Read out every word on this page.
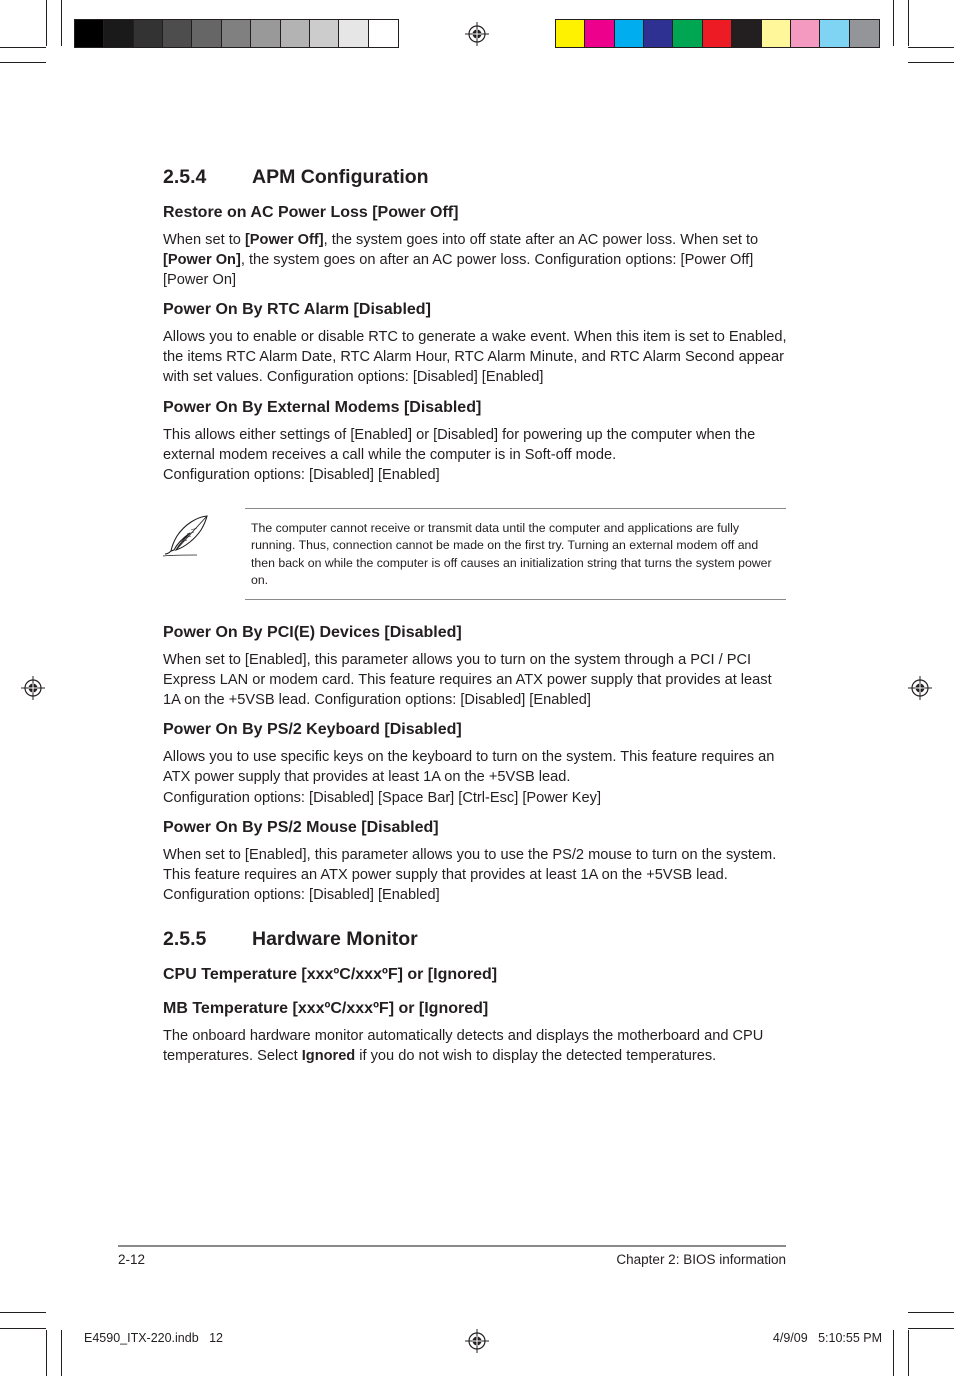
2.5.4 APM Configuration
Restore on AC Power Loss [Power Off]

When set to [Power Off], the system goes into off state after an AC power loss. When set to [Power On], the system goes on after an AC power loss. Configuration options: [Power Off] [Power On]

Power On By RTC Alarm [Disabled]

Allows you to enable or disable RTC to generate a wake event. When this item is set to Enabled, the items RTC Alarm Date, RTC Alarm Hour, RTC Alarm Minute, and RTC Alarm Second appear with set values. Configuration options: [Disabled] [Enabled]

Power On By External Modems [Disabled]

This allows either settings of [Enabled] or [Disabled] for powering up the computer when the external modem receives a call while the computer is in Soft-off mode.

Configuration options: [Disabled] [Enabled]

The computer cannot receive or transmit data until the computer and applications are fully running. Thus, connection cannot be made on the first try. Turning an external modem off and then back on while the computer is off causes an initialization string that turns the system power on.
Power On By PCI(E) Devices [Disabled]

When set to [Enabled], this parameter allows you to turn on the system through a PCI / PCI Express LAN or modem card. This feature requires an ATX power supply that provides at least 1A on the +5VSB lead. Configuration options: [Disabled] [Enabled]

Power On By PS/2 Keyboard [Disabled]

Allows you to use specific keys on the keyboard to turn on the system. This feature requires an ATX power supply that provides at least 1A on the +5VSB lead.

Configuration options: [Disabled] [Space Bar] [Ctrl-Esc] [Power Key]

Power On By PS/2 Mouse [Disabled]

When set to [Enabled], this parameter allows you to use the PS/2 mouse to turn on the system. This feature requires an ATX power supply that provides at least 1A on the +5VSB lead. Configuration options: [Disabled] [Enabled]

2.5.5 Hardware Monitor
CPU Temperature [xxxºC/xxxºF] or [Ignored]
MB Temperature [xxxºC/xxxºF] or [Ignored]

The onboard hardware monitor automatically detects and displays the motherboard and CPU temperatures. Select Ignored if you do not wish to display the detected temperatures.

2-12	Chapter 2: BIOS information
E4590_ITX-220.indb   12	4/9/09   5:10:55 PM
